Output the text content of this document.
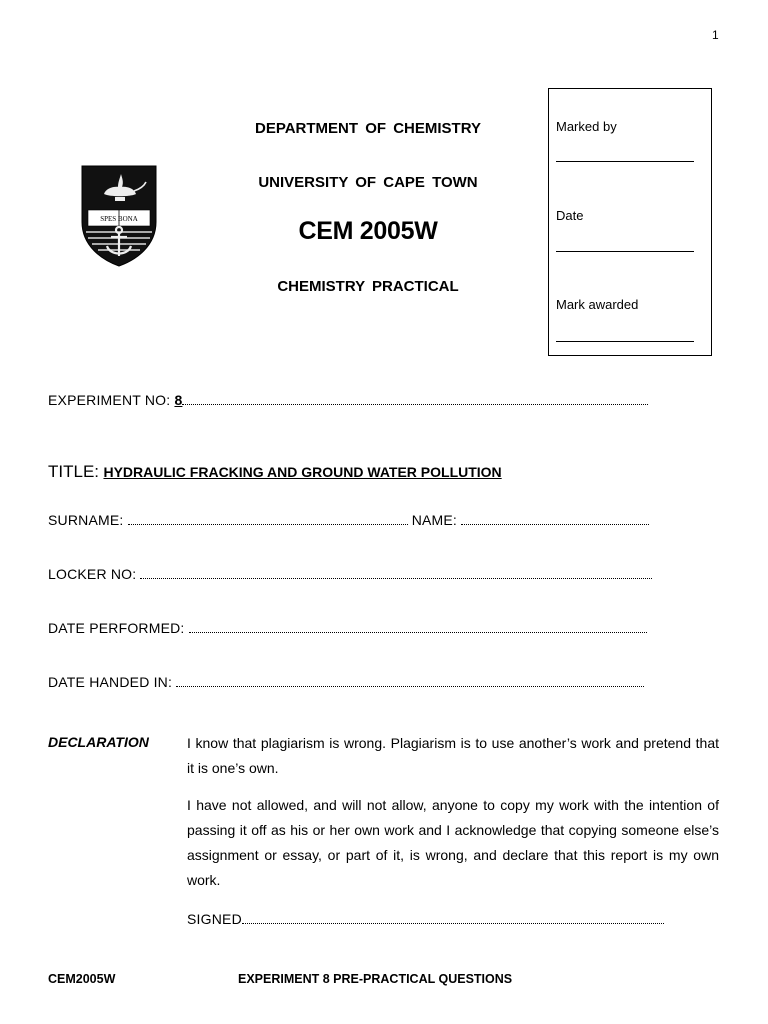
1
DEPARTMENT OF CHEMISTRY
UNIVERSITY OF CAPE TOWN
CEM 2005W
CHEMISTRY PRACTICAL
SPES BONA
Marked by
Date
Mark awarded
EXPERIMENT NO: 8
TITLE: HYDRAULIC FRACKING AND GROUND WATER POLLUTION
SURNAME:	NAME:
LOCKER NO:
DATE PERFORMED:
DATE HANDED IN:
DECLARATION	I know that plagiarism is wrong. Plagiarism is to use another’s work and pretend that it is one’s own.
I have not allowed, and will not allow, anyone to copy my work with the intention of passing it off as his or her own work and I acknowledge that copying someone else’s assignment or essay, or part of it, is wrong, and declare that this report is my own work.
SIGNED
CEM2005W	EXPERIMENT 8 PRE-PRACTICAL QUESTIONS
